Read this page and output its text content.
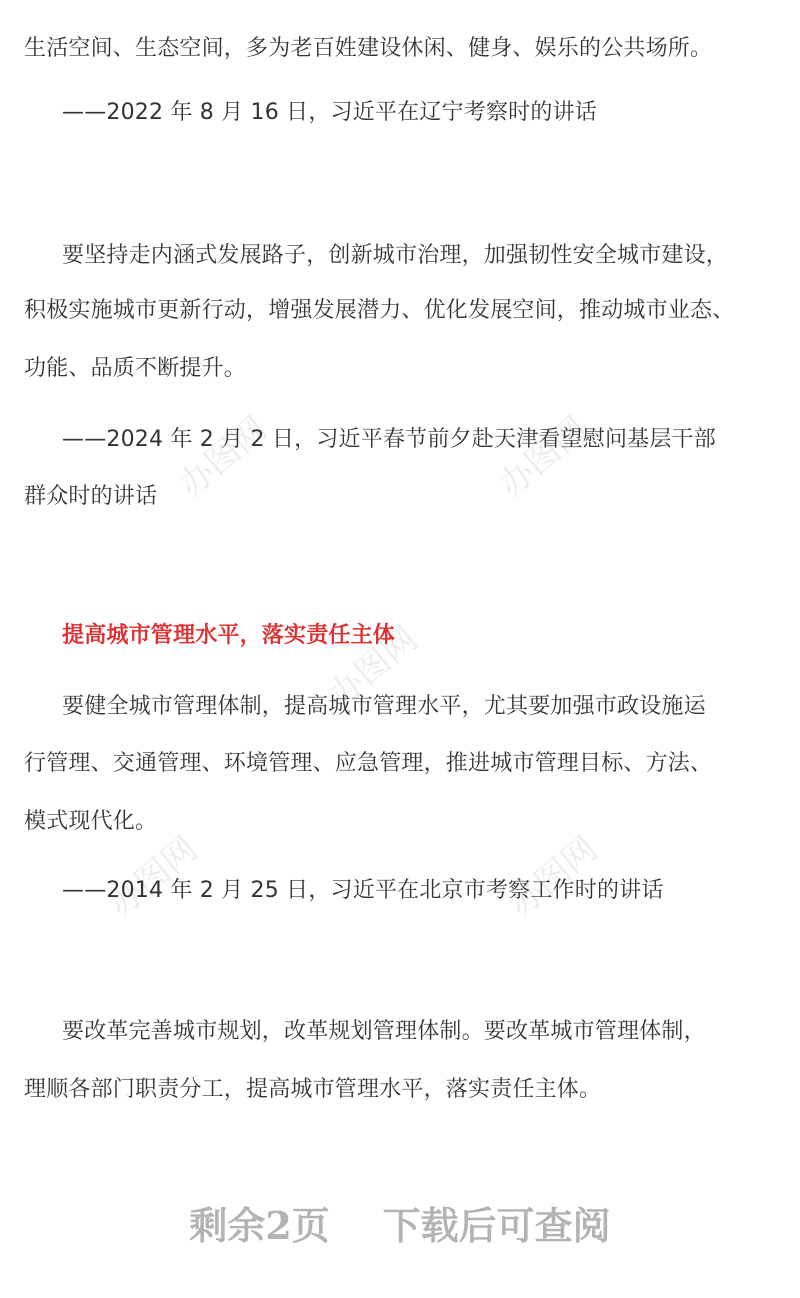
办图网	办图网
办图网
办图网	办图网
生活空间、生态空间，多为老百姓建设休闲、健身、娱乐的公共场所。
——2022 年 8 月 16 日，习近平在辽宁考察时的讲话
要坚持走内涵式发展路子，创新城市治理，加强韧性安全城市建设，
积极实施城市更新行动，增强发展潜力、优化发展空间，推动城市业态、
功能、品质不断提升。
——2024 年 2 月 2 日，习近平春节前夕赴天津看望慰问基层干部
群众时的讲话
提高城市管理水平，落实责任主体
要健全城市管理体制，提高城市管理水平，尤其要加强市政设施运
行管理、交通管理、环境管理、应急管理，推进城市管理目标、方法、
模式现代化。
——2014 年 2 月 25 日，习近平在北京市考察工作时的讲话
要改革完善城市规划，改革规划管理体制。要改革城市管理体制，
理顺各部门职责分工，提高城市管理水平，落实责任主体。
剩余2页    下载后可查阅
